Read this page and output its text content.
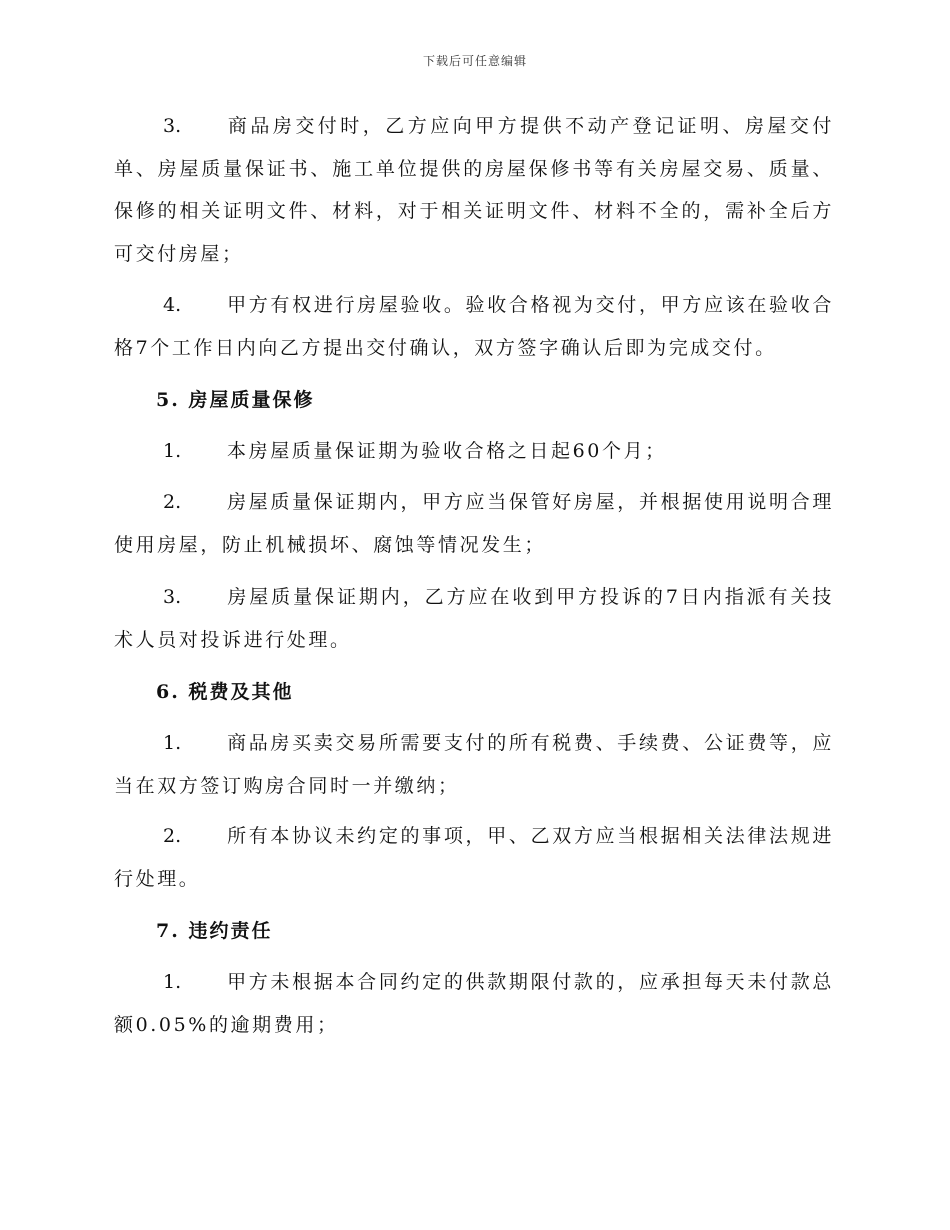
下载后可任意编辑

3. 商品房交付时，乙方应向甲方提供不动产登记证明、房屋交付单、房屋质量保证书、施工单位提供的房屋保修书等有关房屋交易、质量、保修的相关证明文件、材料，对于相关证明文件、材料不全的，需补全后方可交付房屋；

4. 甲方有权进行房屋验收。验收合格视为交付，甲方应该在验收合格7个工作日内向乙方提出交付确认，双方签字确认后即为完成交付。

5. 房屋质量保修

1. 本房屋质量保证期为验收合格之日起60个月；

2. 房屋质量保证期内，甲方应当保管好房屋，并根据使用说明合理使用房屋，防止机械损坏、腐蚀等情况发生；

3. 房屋质量保证期内，乙方应在收到甲方投诉的7日内指派有关技术人员对投诉进行处理。

6. 税费及其他

1. 商品房买卖交易所需要支付的所有税费、手续费、公证费等，应当在双方签订购房合同时一并缴纳；

2. 所有本协议未约定的事项，甲、乙双方应当根据相关法律法规进行处理。

7. 违约责任

1. 甲方未根据本合同约定的供款期限付款的，应承担每天未付款总额0.05%的逾期费用；
